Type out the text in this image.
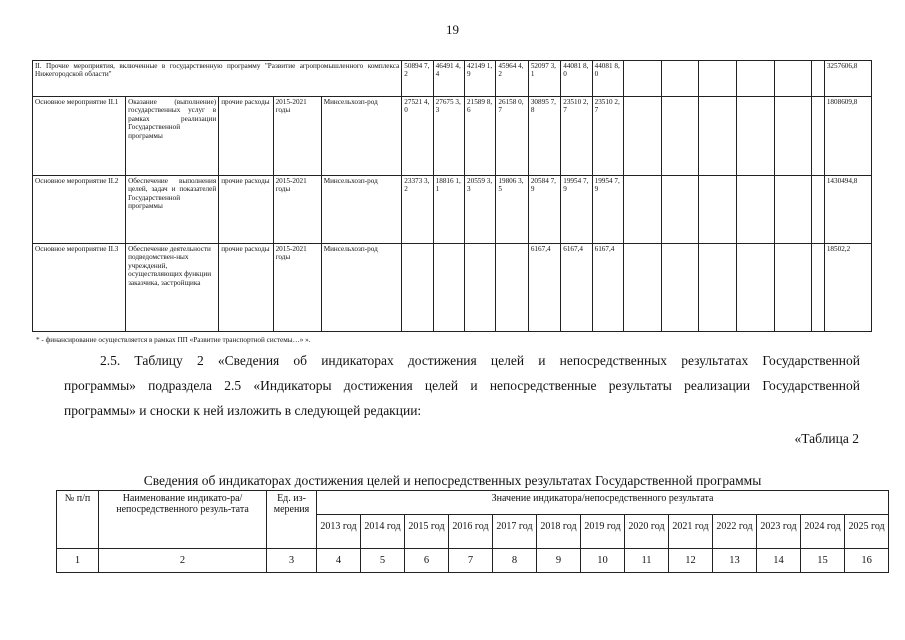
19
II. Прочие мероприятия, включенные в государственную программу "Развитие агропромышленного комплекса Нижегородской области"					50894 7,2	46491 4,4	42149 1,9	45964 4,2	52097 3,1	44081 8,0	44081 8,0							3257606,8
Основное мероприятие II.1	Оказание (выполнение) государственных услуг в рамках реализации Государственной программы	прочие расходы	2015-2021 годы	Минсельхозп-род	27521 4,0	27675 3,3	21589 8,6	26158 0,7	30895 7,8	23510 2,7	23510 2,7							1808609,8
Основное мероприятие II.2	Обеспечение выполнения целей, задач и показателей Государственной программы	прочие расходы	2015-2021 годы	Минсельхозп-род	23373 3,2	18816 1,1	20559 3,3	19806 3,5	20584 7,9	19954 7,9	19954 7,9							1430494,8
Основное мероприятие II.3	Обеспечение деятельности подведомствен-ных учреждений, осуществляющих функции заказчика, застройщика	прочие расходы	2015-2021 годы	Минсельхозп-род					6167,4	6167,4	6167,4							18502,2
* - финансирование осуществляется в рамках ПП «Развитие транспортной системы…» ».
2.5. Таблицу 2 «Сведения об индикаторах достижения целей и непосредственных результатах Государственной
программы» подраздела 2.5 «Индикаторы достижения целей и непосредственные результаты реализации Государственной
программы» и сноски к ней изложить в следующей редакции:
«Таблица 2
Сведения об индикаторах достижения целей и непосредственных результатах Государственной программы
№ п/п	Наименование индикато-ра/непосредственного резуль-тата	Ед. из-мерения	Значение индикатора/непосредственного результата												
			2013 год	2014 год	2015 год	2016 год	2017 год	2018 год	2019 год	2020 год	2021 год	2022 год	2023 год	2024 год	2025 год
1	2	3	4	5	6	7	8	9	10	11	12	13	14	15	16
